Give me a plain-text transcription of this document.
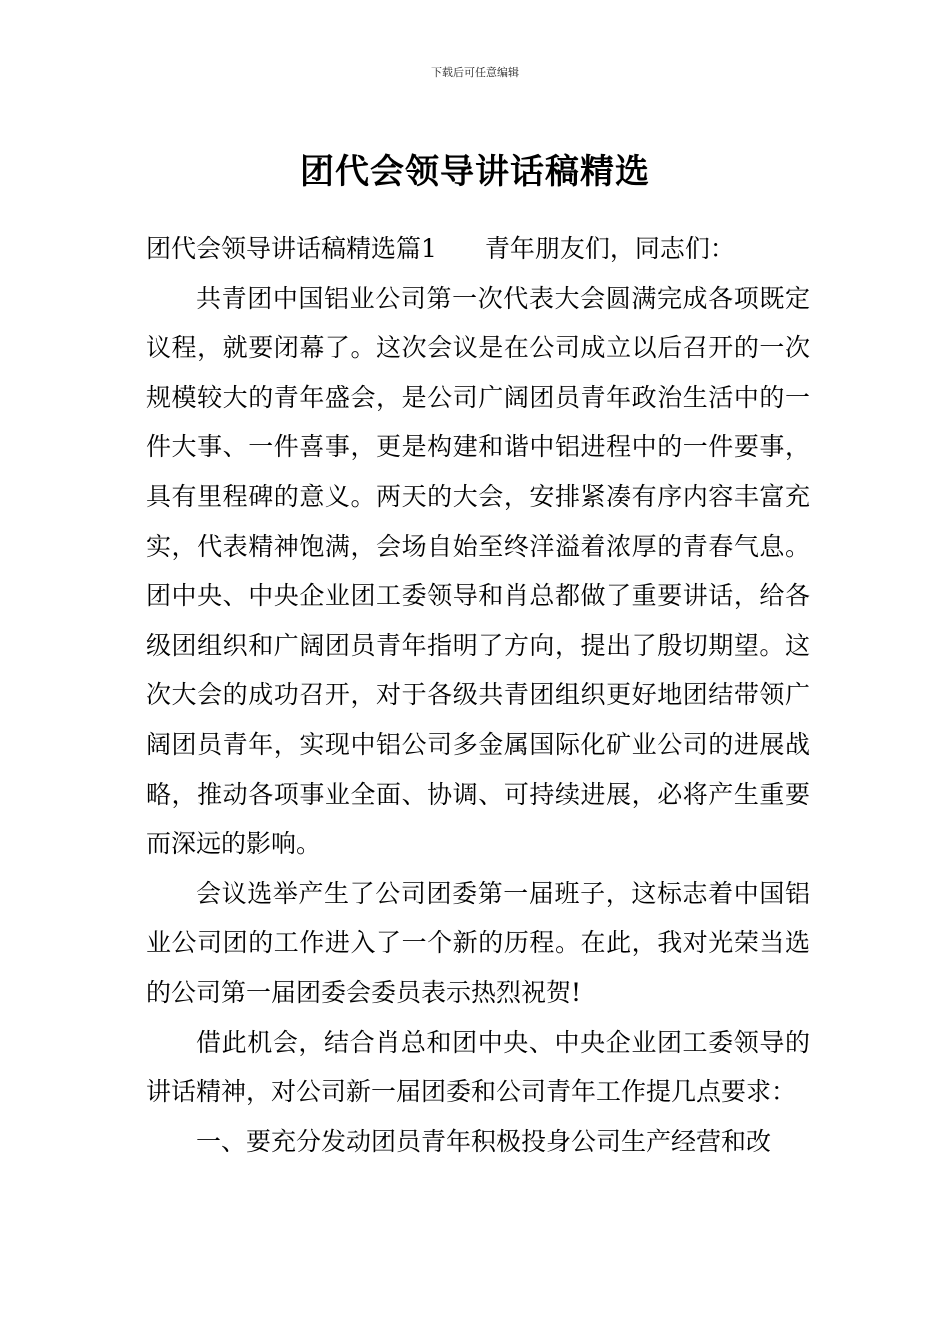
下载后可任意编辑
团代会领导讲话稿精选

团代会领导讲话稿精选篇1 青年朋友们，同志们：

共青团中国铝业公司第一次代表大会圆满完成各项既定议程，就要闭幕了。这次会议是在公司成立以后召开的一次规模较大的青年盛会，是公司广阔团员青年政治生活中的一件大事、一件喜事，更是构建和谐中铝进程中的一件要事，具有里程碑的意义。两天的大会，安排紧凑有序内容丰富充实，代表精神饱满，会场自始至终洋溢着浓厚的青春气息。团中央、中央企业团工委领导和肖总都做了重要讲话，给各级团组织和广阔团员青年指明了方向，提出了殷切期望。这次大会的成功召开，对于各级共青团组织更好地团结带领广阔团员青年，实现中铝公司多金属国际化矿业公司的进展战略，推动各项事业全面、协调、可持续进展，必将产生重要而深远的影响。

会议选举产生了公司团委第一届班子，这标志着中国铝业公司团的工作进入了一个新的历程。在此，我对光荣当选的公司第一届团委会委员表示热烈祝贺!

借此机会，结合肖总和团中央、中央企业团工委领导的讲话精神，对公司新一届团委和公司青年工作提几点要求：

一、要充分发动团员青年积极投身公司生产经营和改
